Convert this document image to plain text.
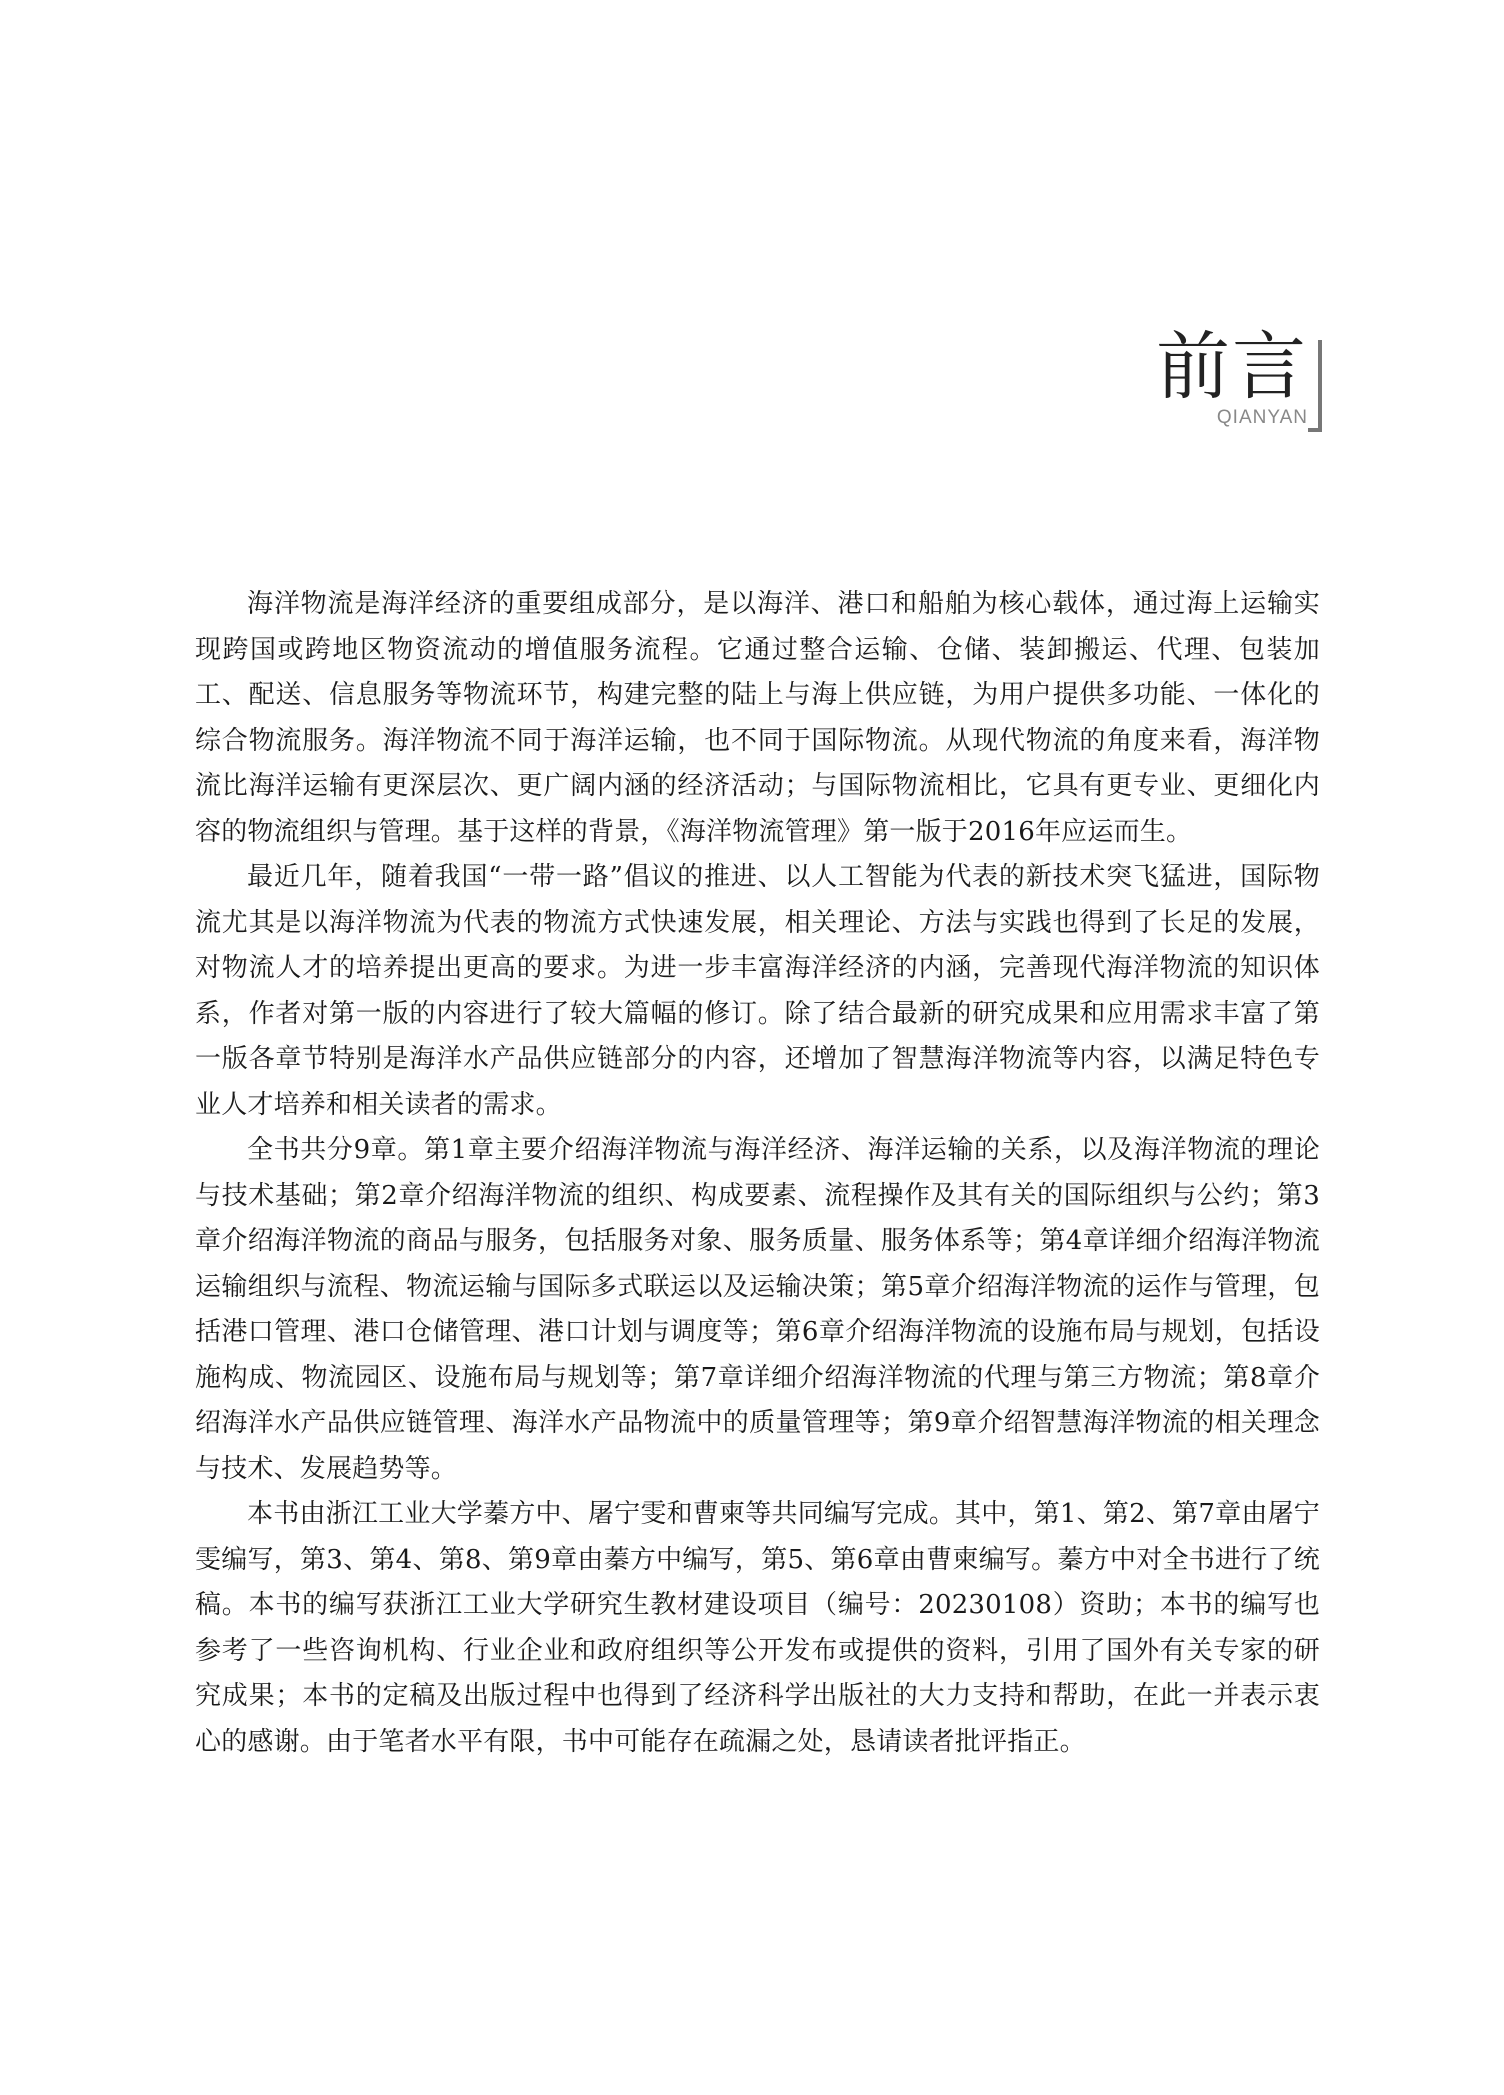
前言
QIANYAN

海洋物流是海洋经济的重要组成部分，是以海洋、港口和船舶为核心载体，通过海上运输实现跨国或跨地区物资流动的增值服务流程。它通过整合运输、仓储、装卸搬运、代理、包装加工、配送、信息服务等物流环节，构建完整的陆上与海上供应链，为用户提供多功能、一体化的综合物流服务。海洋物流不同于海洋运输，也不同于国际物流。从现代物流的角度来看，海洋物流比海洋运输有更深层次、更广阔内涵的经济活动；与国际物流相比，它具有更专业、更细化内容的物流组织与管理。基于这样的背景，《海洋物流管理》第一版于2016年应运而生。

最近几年，随着我国“一带一路”倡议的推进、以人工智能为代表的新技术突飞猛进，国际物流尤其是以海洋物流为代表的物流方式快速发展，相关理论、方法与实践也得到了长足的发展，对物流人才的培养提出更高的要求。为进一步丰富海洋经济的内涵，完善现代海洋物流的知识体系，作者对第一版的内容进行了较大篇幅的修订。除了结合最新的研究成果和应用需求丰富了第一版各章节特别是海洋水产品供应链部分的内容，还增加了智慧海洋物流等内容，以满足特色专业人才培养和相关读者的需求。

全书共分9章。第1章主要介绍海洋物流与海洋经济、海洋运输的关系，以及海洋物流的理论与技术基础；第2章介绍海洋物流的组织、构成要素、流程操作及其有关的国际组织与公约；第3章介绍海洋物流的商品与服务，包括服务对象、服务质量、服务体系等；第4章详细介绍海洋物流运输组织与流程、物流运输与国际多式联运以及运输决策；第5章介绍海洋物流的运作与管理，包括港口管理、港口仓储管理、港口计划与调度等；第6章介绍海洋物流的设施布局与规划，包括设施构成、物流园区、设施布局与规划等；第7章详细介绍海洋物流的代理与第三方物流；第8章介绍海洋水产品供应链管理、海洋水产品物流中的质量管理等；第9章介绍智慧海洋物流的相关理念与技术、发展趋势等。

本书由浙江工业大学蓁方中、屠宁雯和曹柬等共同编写完成。其中，第1、第2、第7章由屠宁雯编写，第3、第4、第8、第9章由蓁方中编写，第5、第6章由曹柬编写。蓁方中对全书进行了统稿。本书的编写获浙江工业大学研究生教材建设项目（编号：20230108）资助；本书的编写也参考了一些咨询机构、行业企业和政府组织等公开发布或提供的资料，引用了国外有关专家的研究成果；本书的定稿及出版过程中也得到了经济科学出版社的大力支持和帮助，在此一并表示衷心的感谢。由于笔者水平有限，书中可能存在疏漏之处，恳请读者批评指正。
